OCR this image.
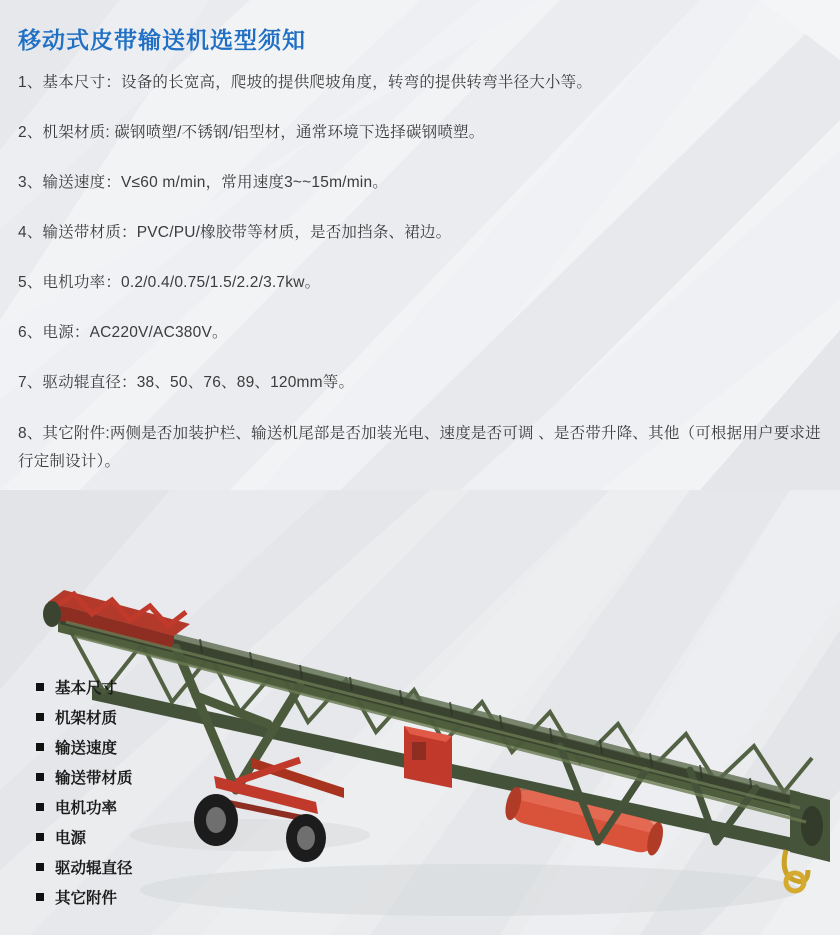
移动式皮带输送机选型须知

1、基本尺寸：设备的长宽高，爬坡的提供爬坡角度，转弯的提供转弯半径大小等。

2、机架材质: 碳钢喷塑/不锈钢/铝型材，通常环境下选择碳钢喷塑。

3、输送速度：V≤60 m/min，常用速度3~~15m/min。

4、输送带材质：PVC/PU/橡胶带等材质，是否加挡条、裙边。

5、电机功率：0.2/0.4/0.75/1.5/2.2/3.7kw。

6、电源：AC220V/AC380V。

7、驱动辊直径：38、50、76、89、120mm等。

8、其它附件:两侧是否加装护栏、输送机尾部是否加装光电、速度是否可调 、是否带升降、其他（可根据用户要求进行定制设计）。

基本尺寸
机架材质
输送速度
输送带材质
电机功率
电源
驱动辊直径
其它附件
